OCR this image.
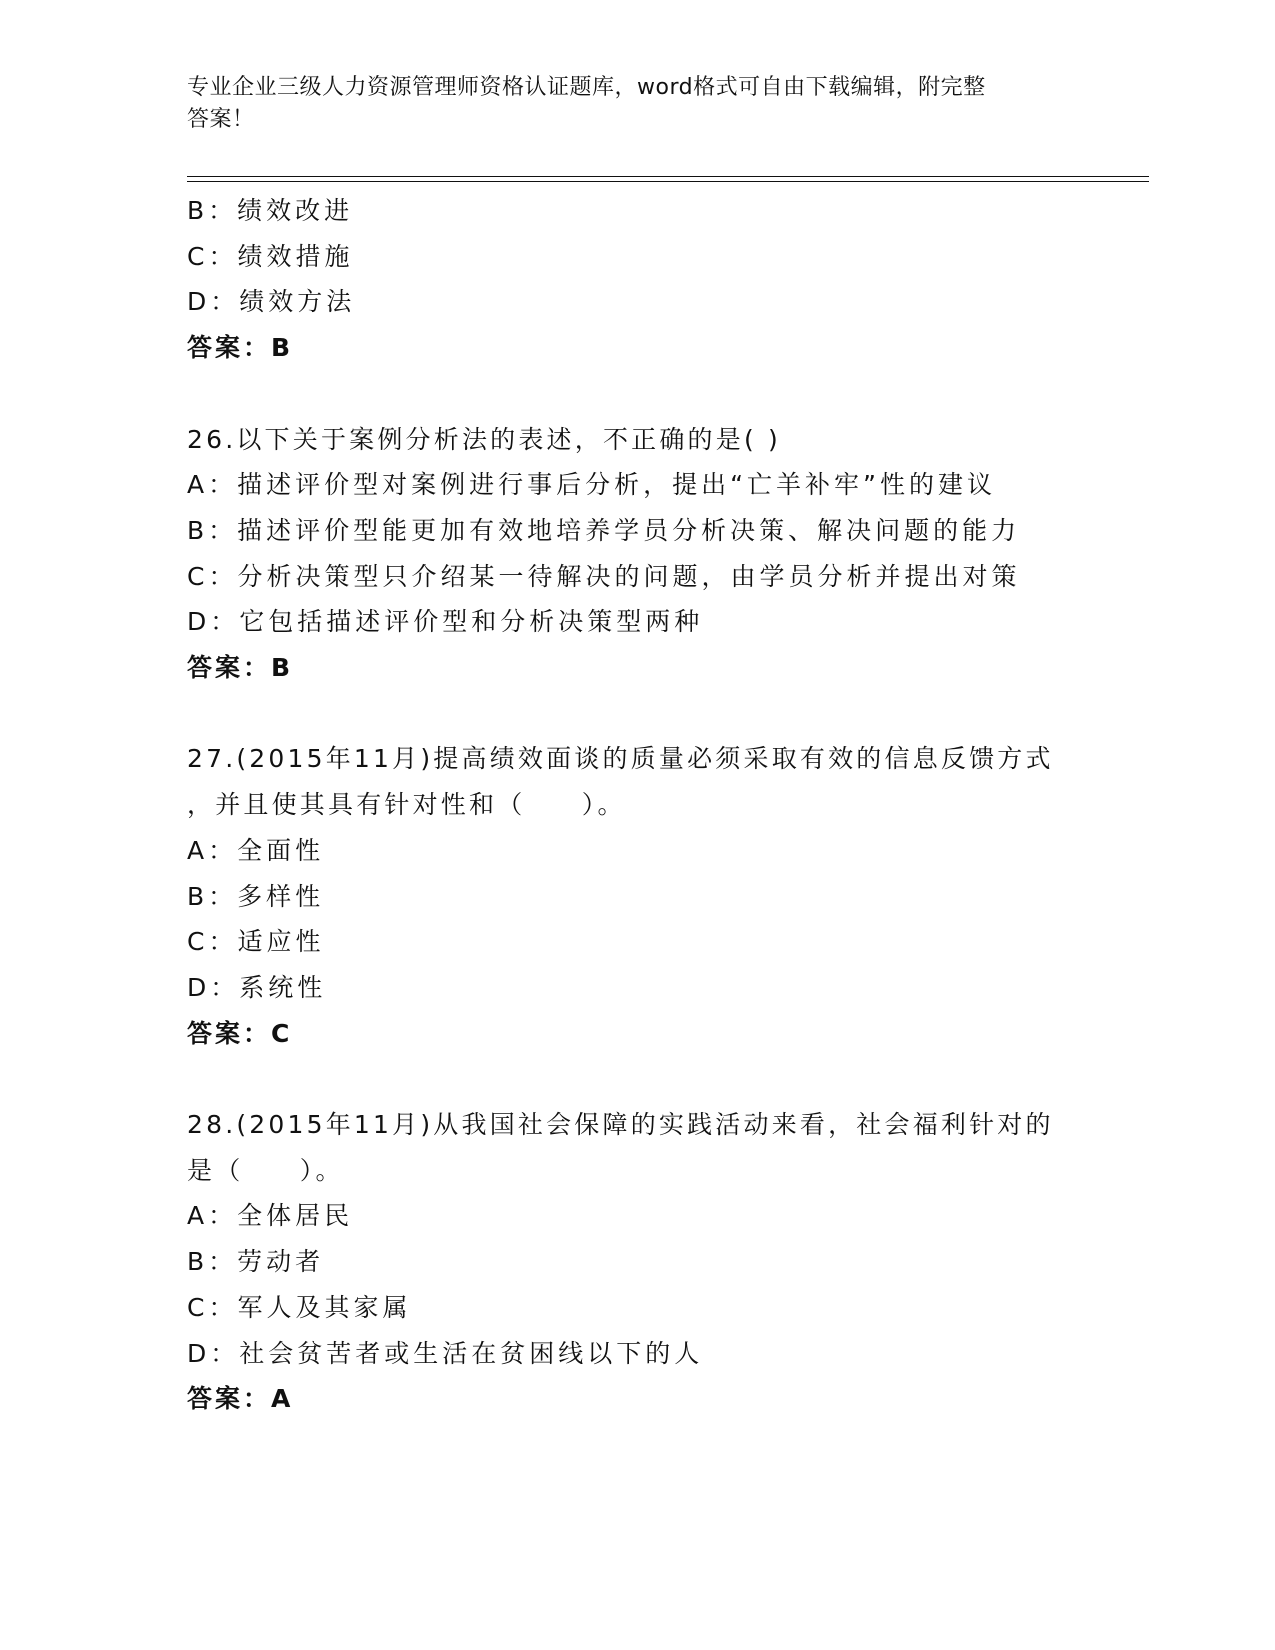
专业企业三级人力资源管理师资格认证题库，word格式可自由下载编辑，附完整
答案！
B：绩效改进
C：绩效措施
D：绩效方法
答案：B
26.以下关于案例分析法的表述，不正确的是( )
A：描述评价型对案例进行事后分析，提出“亡羊补牢”性的建议
B：描述评价型能更加有效地培养学员分析决策、解决问题的能力
C：分析决策型只介绍某一待解决的问题，由学员分析并提出对策
D：它包括描述评价型和分析决策型两种
答案：B
27.(2015年11月)提高绩效面谈的质量必须采取有效的信息反馈方式
，并且使其具有针对性和（　　）。
A：全面性
B：多样性
C：适应性
D：系统性
答案：C
28.(2015年11月)从我国社会保障的实践活动来看，社会福利针对的
是（　　）。
A：全体居民
B：劳动者
C：军人及其家属
D：社会贫苦者或生活在贫困线以下的人
答案：A
